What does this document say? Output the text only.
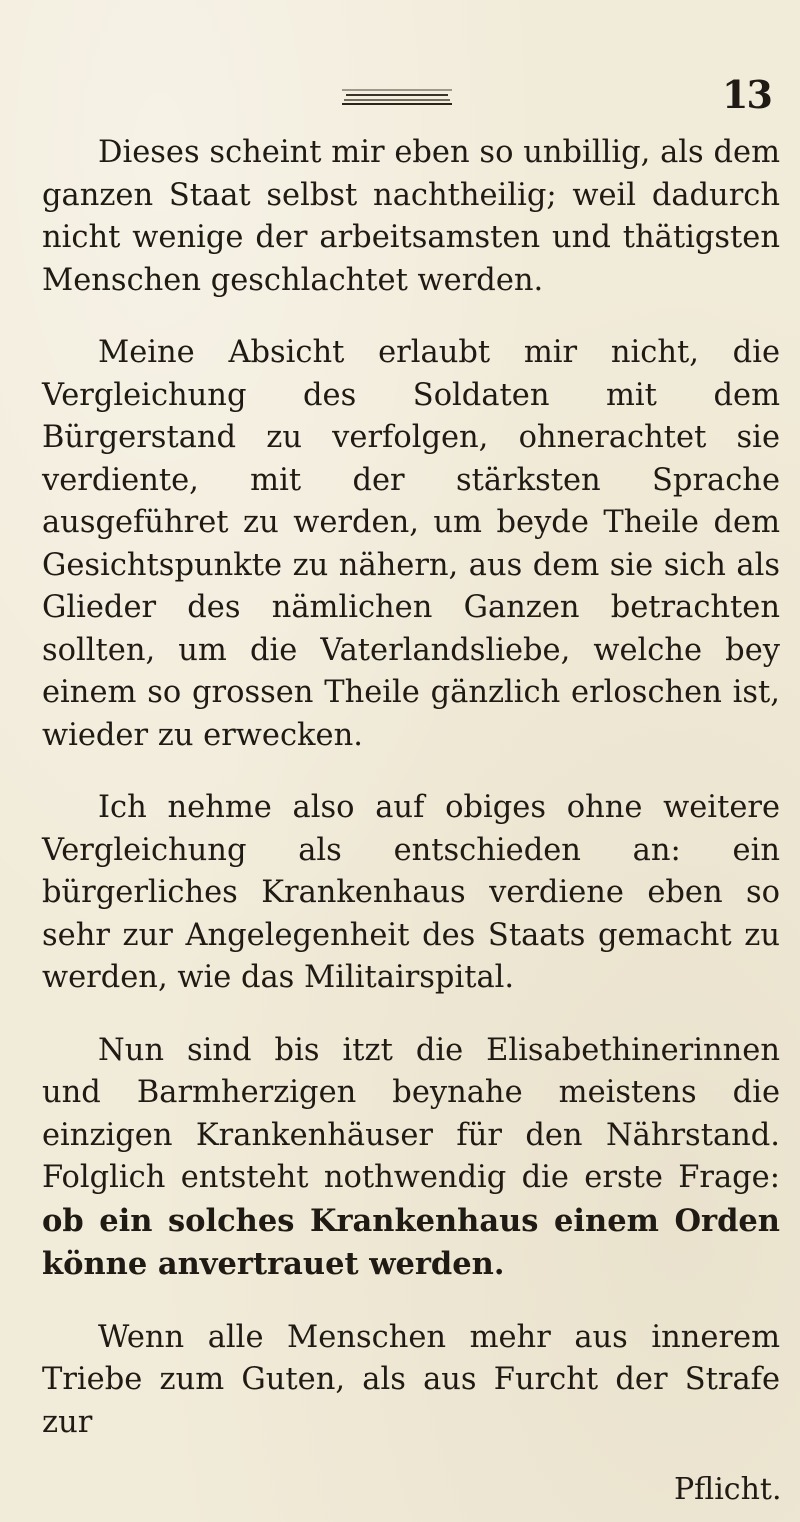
13

Dieses scheint mir eben so unbillig, als dem ganzen Staat selbst nachtheilig; weil dadurch nicht wenige der arbeitsamsten und thätigsten Menschen geschlachtet werden.

Meine Absicht erlaubt mir nicht, die Vergleichung des Soldaten mit dem Bürgerstand zu verfolgen, ohnerachtet sie verdiente, mit der stärksten Sprache ausgeführet zu werden, um beyde Theile dem Gesichtspunkte zu nähern, aus dem sie sich als Glieder des nämlichen Ganzen betrachten sollten, um die Vaterlandsliebe, welche bey einem so grossen Theile gänzlich erloschen ist, wieder zu erwecken.

Ich nehme also auf obiges ohne weitere Vergleichung als entschieden an: ein bürgerliches Krankenhaus verdiene eben so sehr zur Angelegenheit des Staats gemacht zu werden, wie das Militairspital.

Nun sind bis itzt die Elisabethinerinnen und Barmherzigen beynahe meistens die einzigen Krankenhäuser für den Nährstand. Folglich entsteht nothwendig die erste Frage: ob ein solches Krankenhaus einem Orden könne anvertrauet werden.

Wenn alle Menschen mehr aus innerem Triebe zum Guten, als aus Furcht der Strafe zur

Pflicht.
